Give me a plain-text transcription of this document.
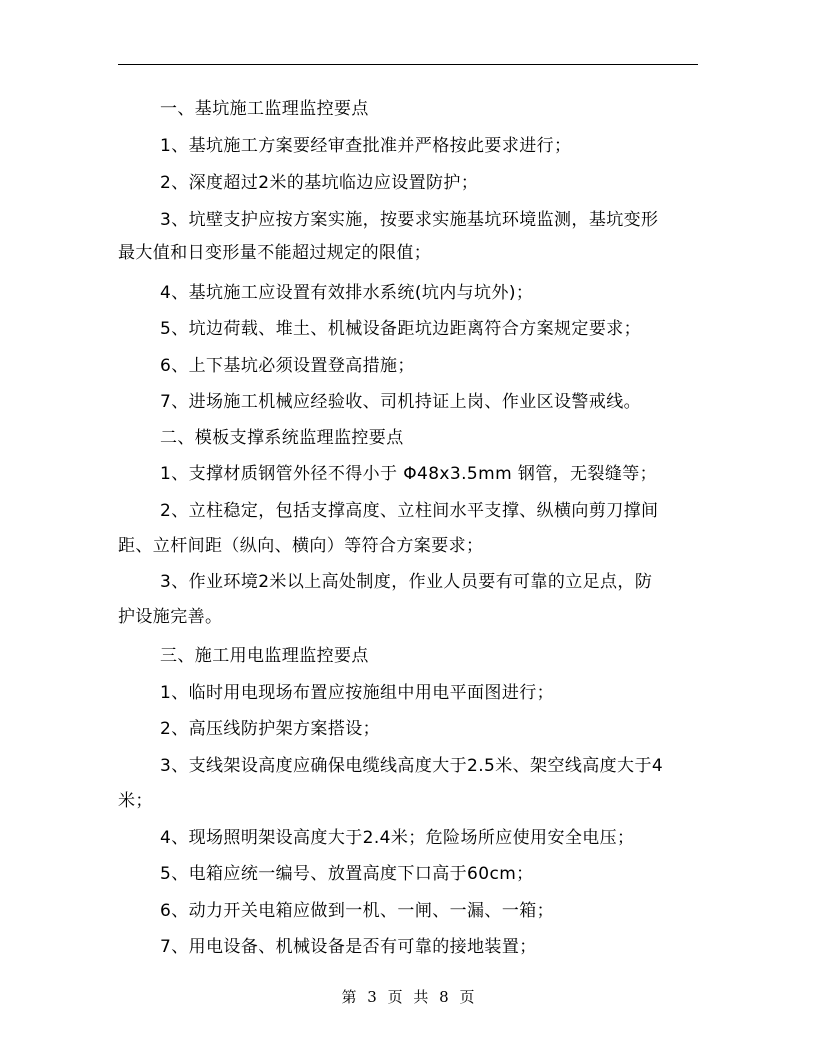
一、基坑施工监理监控要点
1、基坑施工方案要经审查批准并严格按此要求进行；
2、深度超过2米的基坑临边应设置防护；
3、坑壁支护应按方案实施，按要求实施基坑环境监测，基坑变形
最大值和日变形量不能超过规定的限值；
4、基坑施工应设置有效排水系统(坑内与坑外)；
5、坑边荷载、堆土、机械设备距坑边距离符合方案规定要求；
6、上下基坑必须设置登高措施；
7、进场施工机械应经验收、司机持证上岗、作业区设警戒线。
二、模板支撑系统监理监控要点
1、支撑材质钢管外径不得小于 Φ48x3.5mm 钢管，无裂缝等；
2、立柱稳定，包括支撑高度、立柱间水平支撑、纵横向剪刀撑间
距、立杆间距（纵向、横向）等符合方案要求；
3、作业环境2米以上高处制度，作业人员要有可靠的立足点，防
护设施完善。
三、施工用电监理监控要点
1、临时用电现场布置应按施组中用电平面图进行；
2、高压线防护架方案搭设；
3、支线架设高度应确保电缆线高度大于2.5米、架空线高度大于4
米；
4、现场照明架设高度大于2.4米；危险场所应使用安全电压；
5、电箱应统一编号、放置高度下口高于60cm；
6、动力开关电箱应做到一机、一闸、一漏、一箱；
7、用电设备、机械设备是否有可靠的接地装置；
第 3 页 共 8 页
